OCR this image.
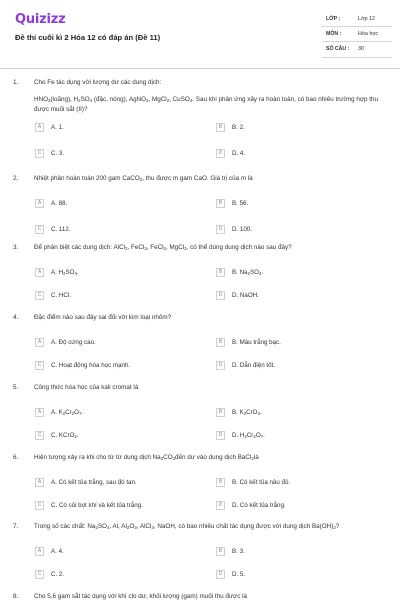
Quizizz
Đề thi cuối kì 2 Hóa 12 có đáp án (Đề 11)
LỚP :	Lớp 12
MÔN :	Hóa học
SỐ CÂU : 30
1. Cho Fe tác dụng với lượng dư các dung dịch:

$HNO_3(loãng)$, $H_2SO_4$ (đặc, nóng), AgNO$_3$, MgCl$_2$, CuSO$_4$. Sau khi phản ứng xảy ra hoàn toàn, có bao nhiêu trường hợp thu được muối sắt (II)?
A	A. 1.	B	B. 2.
C	C. 3.	D	D. 4.
2. Nhiệt phân hoàn toàn 200 gam CaCO$_3$, thu được m gam CaO. Giá trị của m là
A	A. 88.	B	B. 56.
C	C. 112.	D	D. 100.
3. Để phân biệt các dung dịch: AlCl$_3$, FeCl$_3$, FeCl$_2$, MgCl$_2$, có thể dùng dung dịch nào sau đây?
A	A. $H_2SO_4$.	B	B. $Na_2SO_4$.
C	C. HCl.	D	D. NaOH.
4. Đặc điểm nào sau đây sai đối với kim loại nhôm?
A	A. Độ cứng cao.	B	B. Màu trắng bạc.
C	C. Hoạt động hóa học mạnh.	D	D. Dẫn điện tốt.
5. Công thức hóa học của kali cromat là
A	A. $K_2Cr_2O_7$.	B	B. $K_2CrO_4$.
C	C. KCrO$_2$.	D	D. $H_2Cr_2O_7$.
6. Hiện tượng xảy ra khi cho từ từ dung dịch $Na_2CO_3đến$ dư vào dung dịch BaCl$_2$là
A	A. Có kết tủa trắng, sau đó tan.	B	B. Có kết tủa nâu đỏ.
C	C. Có sủi bọt khí và kết tủa trắng.	D	D. Có kết tủa trắng.
7. Trong số các chất: $Na_2SO_4$, Al, $Al_2O_3$, AlCl$_3$, NaOH, có bao nhiêu chất tác dụng được với dung dịch $Ba(OH)_2$?
A	A. 4.	B	B. 3.
C	C. 2.	D	D. 5.
8. Cho 5,6 gam sắt tác dụng với khí clo dư, khối lượng (gam) muối thu được là
